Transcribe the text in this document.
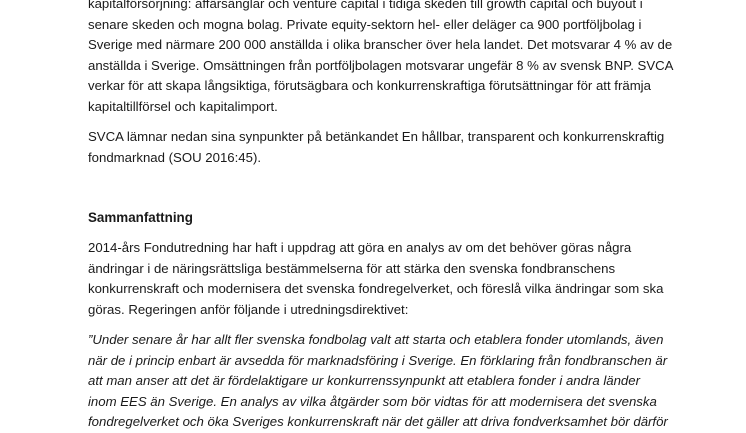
kapitalförsörjning: affärsänglar och venture capital i tidiga skeden till growth capital och buyout i
senare skeden och mogna bolag. Private equity-sektorn hel- eller deläger ca 900 portföljbolag i
Sverige med närmare 200 000 anställda i olika branscher över hela landet. Det motsvarar 4 % av de
anställda i Sverige. Omsättningen från portföljbolagen motsvarar ungefär 8 % av svensk BNP. SVCA
verkar för att skapa långsiktiga, förutsägbara och konkurrenskraftiga förutsättningar för att främja
kapitaltillförsel och kapitalimport.

SVCA lämnar nedan sina synpunkter på betänkandet En hållbar, transparent och konkurrenskraftig
fondmarknad (SOU 2016:45).

Sammanfattning

2014-års Fondutredning har haft i uppdrag att göra en analys av om det behöver göras några
ändringar i de näringsrättsliga bestämmelserna för att stärka den svenska fondbranschens
konkurrenskraft och modernisera det svenska fondregelverket, och föreslå vilka ändringar som ska
göras. Regeringen anför följande i utredningsdirektivet:

”Under senare år har allt fler svenska fondbolag valt att starta och etablera fonder utomlands, även
när de i princip enbart är avsedda för marknadsföring i Sverige. En förklaring från fondbranschen är
att man anser att det är fördelaktigare ur konkurrenssynpunkt att etablera fonder i andra länder
inom EES än Sverige. En analys av vilka åtgärder som bör vidtas för att modernisera det svenska
fondregelverket och öka Sveriges konkurrenskraft när det gäller att driva fondverksamhet bör därför
